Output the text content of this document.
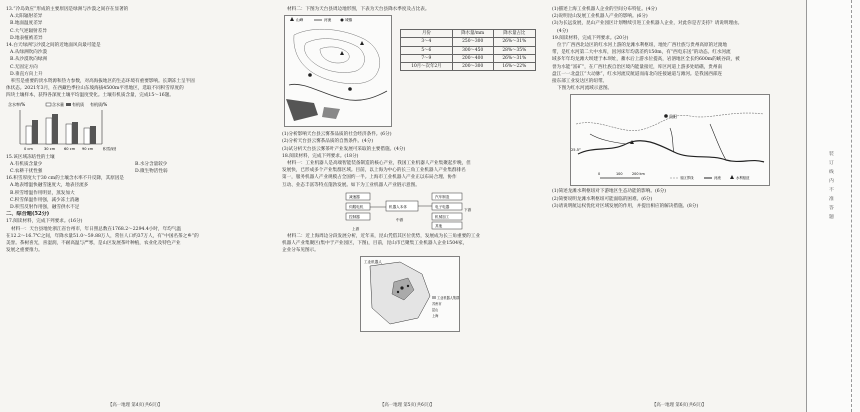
13.“冷岛效应”形成的主要原因是绿洲与沙漠之间存在显著的
A.太阳辐射差异
B.地面温度差异
C.大气逆辐射差异
D.地表植被差异
14.白天绿洲与沙漠之间的近地面风向最可能是
A.从绿洲吹向沙漠
B.从沙漠吹向绿洲
C.无固定方向
D.垂直方向上升
积雪是重要的淡水资源和热力参数，对高海拔地区的生态环境有重要影响。长期冻土呈半固
体状态。2021年3月，在西藏色季拉山东坡海拔4500m平坦地区，选取不同积雪厚度的
四块土壤样本，获得各深度土壤平均温度变化。土壤有机质含量，完成15～16题。
含水率/%	有机质/%
含水量 有机质
0 cm	30 cm 60 cm 90 cm	积雪深度
15.该区域冻结性的土壤
A.有机质含量少	B.水分含量较少
C.农耕干扰性强	D.微生物活性弱
16.积雪厚度大于30 cm的土壤含水率不升反降，其原因是
A.地表增温快融雪速度大，地表径流多
B.积雪增温作用明显，蒸发加大
C.积雪保温作用强，减少冻土消融
D.积雪反射作用强，融雪供水不足
二、综合题(52分)
17.阅读材料，完成下列要求。(16分)
材料一：天台县地处浙江省台州市，年日照总数在1768.2～2294.4小时，年均气温
在12.2～16.7℃之间，年降水量51.0～59.88万人，常住人口约37万人，有“中国名茶之乡”的
美誉。茶树喜光，喜湿润，不耐高温与严寒，是山区发展茶叶种植，农业化及特色产业
发展之重要推力。
【高一地理 第4页(共6页)】
材料二：下图为天台县周边地形图，下表为天台县降水季度及占比表。
山峰	河流	城镇
月份	降水量/mm	降水量占比
3～4	250～300	26%～31%
5～6	300～450	28%～35%
7～9	200～400	26%～31%
10月～次年2月	200～300	16%～22%
(1)分析影响天台县云雾茶品质的社会经济条件。(6分)
(2)分析天台县云雾茶品质的自然条件。(4分)
(3)试分析天台县云雾茶叶产业发展可采取的主要措施。(4分)
18.阅读材料，完成下列要求。(18分)
材料一：工业机器人是高端智能装备制造的核心产业，我国工业机器人产业集聚起步晚，但
发展快，已形成多个产业集群区域。目前，以上海为中心的长三角工业机器人产业集群排名
第一，服务机器人产业规模占全国约一半。上海市工业机器人产业正以布局合理、协作
互动、业态丰富等特点蓬勃发展。如下为工业机器人产业链示意图。
减速器
伺服电机
控制器
机器人本体
汽车制造
电子电器
机械加工
其他
上游
中游
下游
材料二：近上海周边分段发展分析，近年来，昆山凭借其区位优势，发展成为长三角重要的工业
机器人产业集聚区(集中于产业园区，下图)，目前，昆山市已聚集工业机器人企业1504家，
企业分布见图示。
工业机器人
工业机器人集群
苏州市
昆山
上海
【高一地理 第5页(共6页)】
(1)描述上海工业机器人企业的空间分布特征。(4分)
(2)说明昆山发展工业机器人产业的影响。(6分)
(3)为长远发展，昆山产业园区计划继续引进工业机器人企业，对此你是否支持？请说明理由。
(4分)
19.阅读材料，完成下列要求。(20分)
位于广西西北边区的红水河上游的龙滩水利枢纽，地处广西壮族与贵州高原的过渡地
带，是红水河第二大中水库，因河床年均落差约150m，有“西电东送”的动态。红水河流
域多年年均龙滩大坝建于本坝址，蓄水后上游水位提高，岩溶地区全长约600m的峡谷段，被
誉为水能“富矿”，在广西壮族自治区境内能量接近，库区河道上游多处暗礁，贵州南
盘江一一北盘江“大动脉”，红水河流反航道而南北向连接通道与滩河。是我国西部连
接东部工业发达区的纽带。
下图为红水河流域示意图。
贵阳
25.5°
0	100	200 km
省区界线	河流	水利枢纽
(1)简述龙滩水利枢纽对下游地区生态功能的影响。(6分)
(2)简要说明龙滩水利枢纽可能面临的困难。(6分)
(3)请说明航运权优化对区域发展的作用，并提出相应的解决措施。(8分)
【高一地理 第6页(共6页)】
装订线内不准答题
